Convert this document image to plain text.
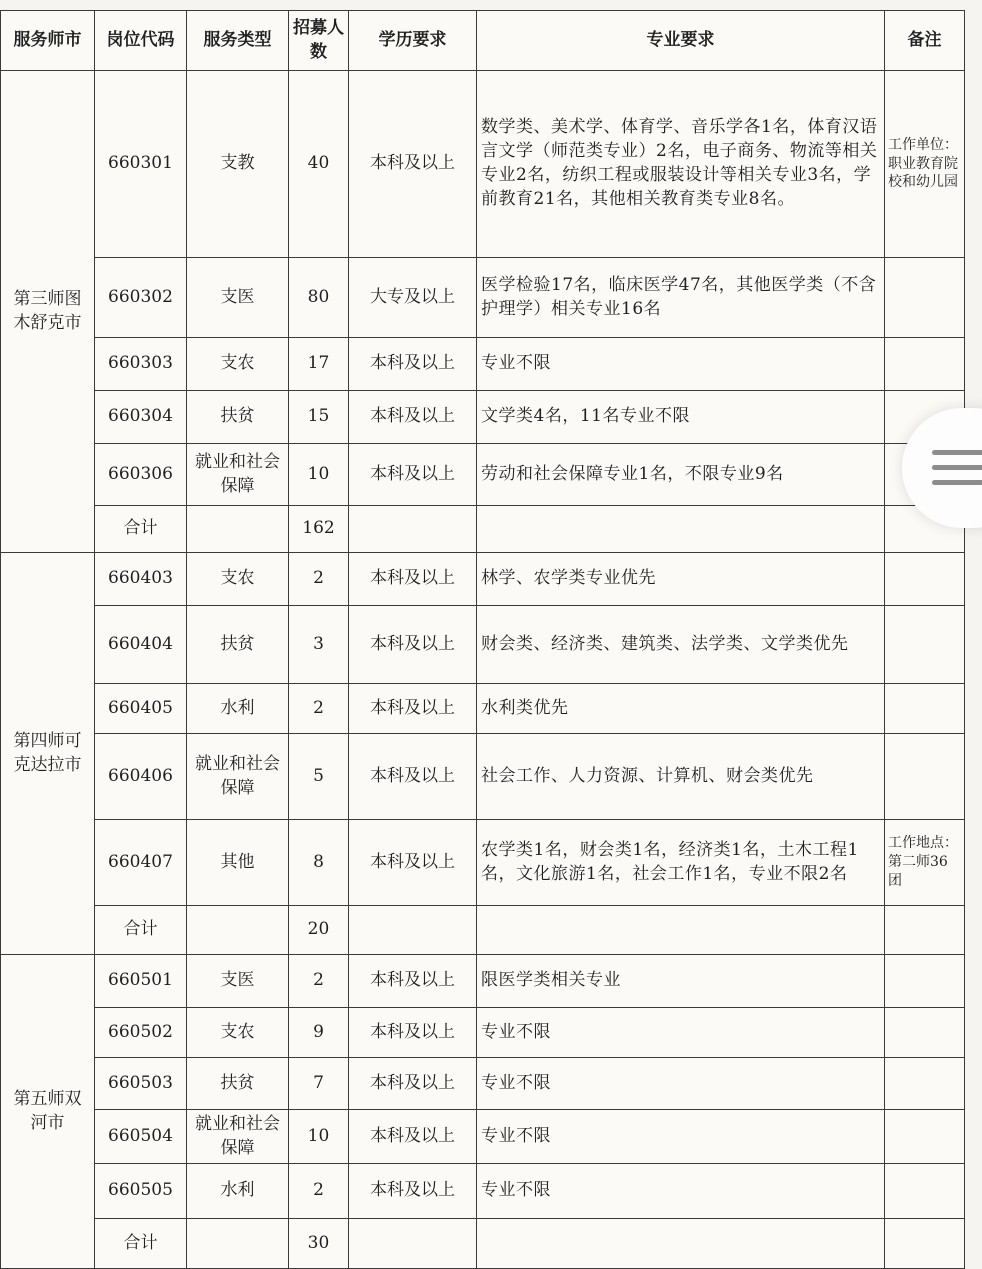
服务师市	岗位代码	服务类型	招募人数	学历要求	专业要求	备注
第三师图木舒克市	660301	支教	40	本科及以上	数学类、美术学、体育学、音乐学各1名，体育汉语言文学（师范类专业）2名，电子商务、物流等相关专业2名，纺织工程或服装设计等相关专业3名，学前教育21名，其他相关教育类专业8名。	工作单位：职业教育院校和幼儿园
	660302	支医	80	大专及以上	医学检验17名，临床医学47名，其他医学类（不含护理学）相关专业16名	
	660303	支农	17	本科及以上	专业不限	
	660304	扶贫	15	本科及以上	文学类4名，11名专业不限	
	660306	就业和社会保障	10	本科及以上	劳动和社会保障专业1名，不限专业9名	
	合计		162			
第四师可克达拉市	660403	支农	2	本科及以上	林学、农学类专业优先	
	660404	扶贫	3	本科及以上	财会类、经济类、建筑类、法学类、文学类优先	
	660405	水利	2	本科及以上	水利类优先	
	660406	就业和社会保障	5	本科及以上	社会工作、人力资源、计算机、财会类优先	
	660407	其他	8	本科及以上	农学类1名，财会类1名，经济类1名，土木工程1名，文化旅游1名，社会工作1名，专业不限2名	工作地点：第二师36团
	合计		20			
第五师双河市	660501	支医	2	本科及以上	限医学类相关专业	
	660502	支农	9	本科及以上	专业不限	
	660503	扶贫	7	本科及以上	专业不限	
	660504	就业和社会保障	10	本科及以上	专业不限	
	660505	水利	2	本科及以上	专业不限	
	合计		30			
